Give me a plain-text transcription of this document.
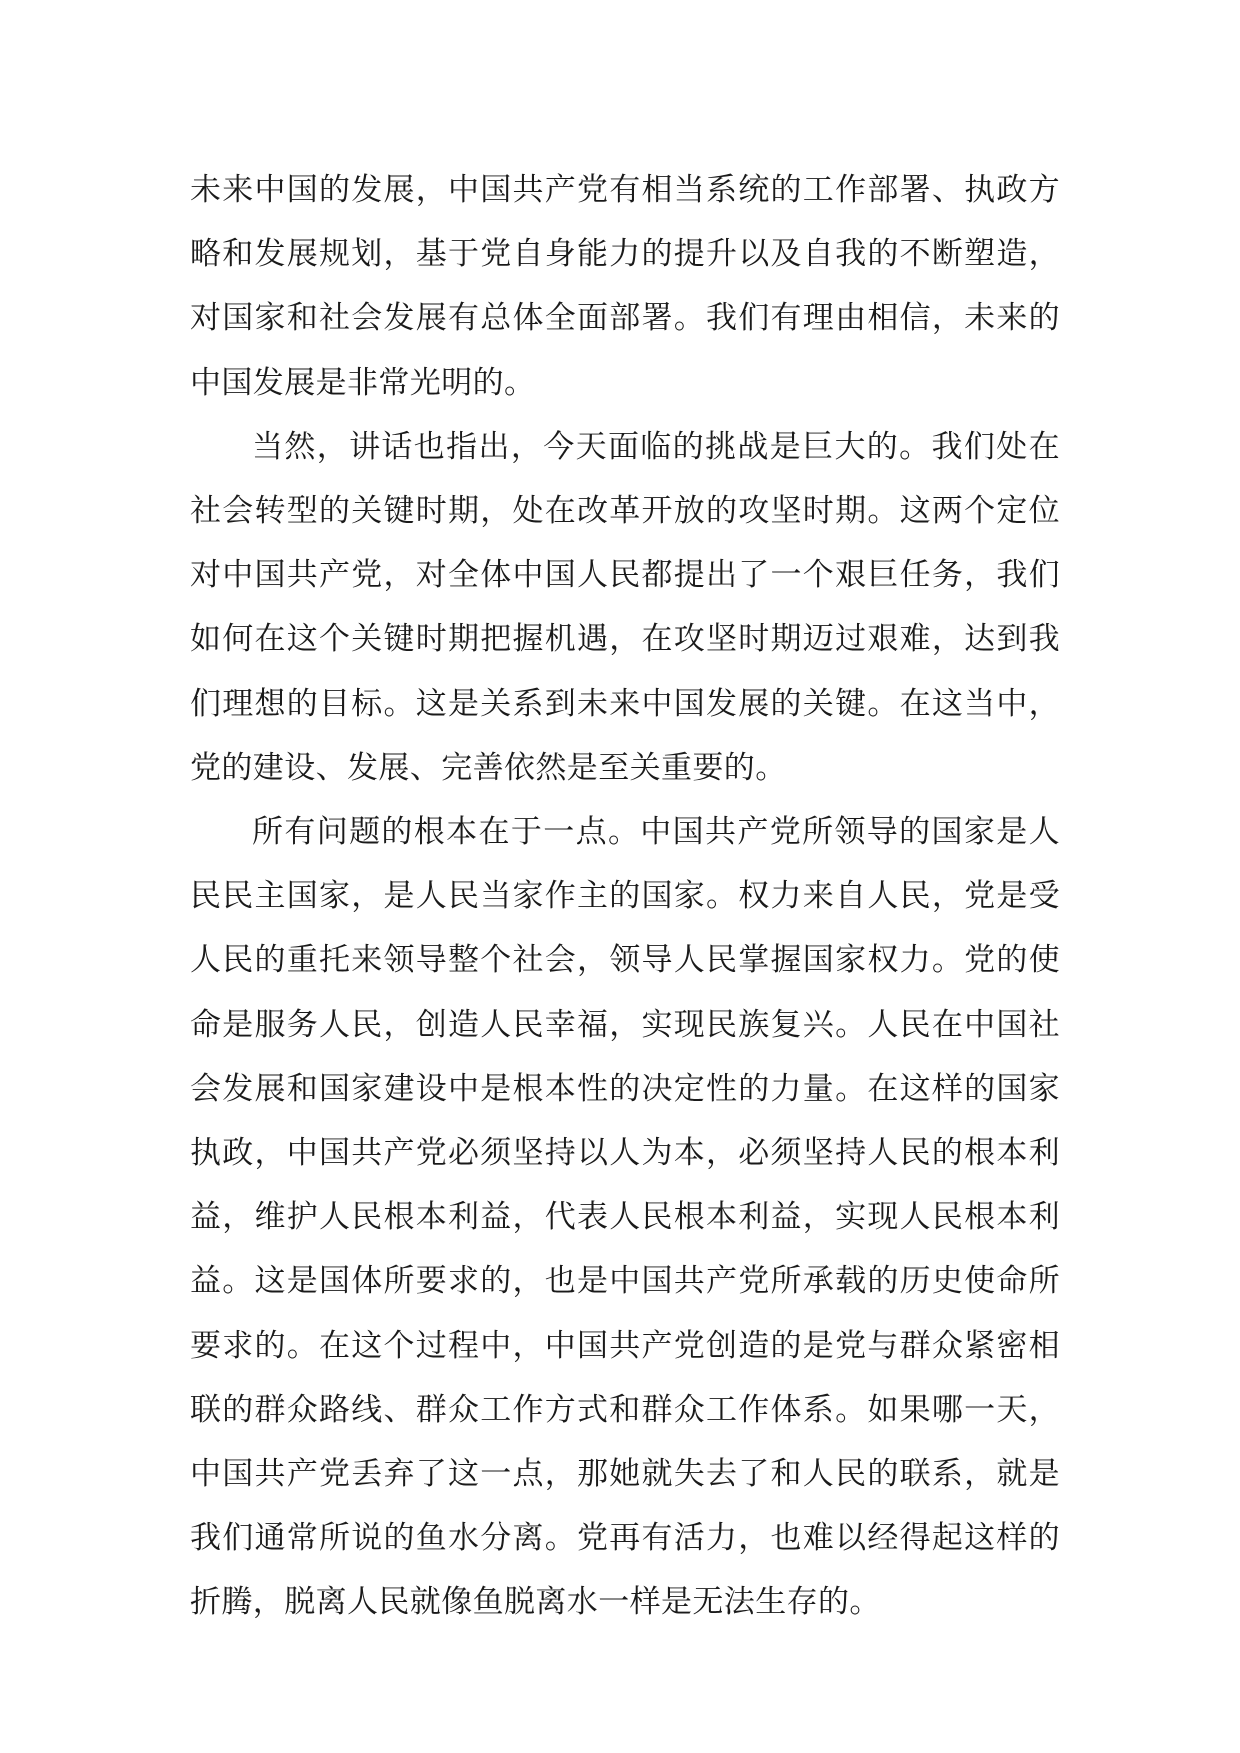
未来中国的发展，中国共产党有相当系统的工作部署、执政方略和发展规划，基于党自身能力的提升以及自我的不断塑造，对国家和社会发展有总体全面部署。我们有理由相信，未来的中国发展是非常光明的。

当然，讲话也指出，今天面临的挑战是巨大的。我们处在社会转型的关键时期，处在改革开放的攻坚时期。这两个定位对中国共产党，对全体中国人民都提出了一个艰巨任务，我们如何在这个关键时期把握机遇，在攻坚时期迈过艰难，达到我们理想的目标。这是关系到未来中国发展的关键。在这当中，党的建设、发展、完善依然是至关重要的。

所有问题的根本在于一点。中国共产党所领导的国家是人民民主国家，是人民当家作主的国家。权力来自人民，党是受人民的重托来领导整个社会，领导人民掌握国家权力。党的使命是服务人民，创造人民幸福，实现民族复兴。人民在中国社会发展和国家建设中是根本性的决定性的力量。在这样的国家执政，中国共产党必须坚持以人为本，必须坚持人民的根本利益，维护人民根本利益，代表人民根本利益，实现人民根本利益。这是国体所要求的，也是中国共产党所承载的历史使命所要求的。在这个过程中，中国共产党创造的是党与群众紧密相联的群众路线、群众工作方式和群众工作体系。如果哪一天，中国共产党丢弃了这一点，那她就失去了和人民的联系，就是我们通常所说的鱼水分离。党再有活力，也难以经得起这样的折腾，脱离人民就像鱼脱离水一样是无法生存的。
